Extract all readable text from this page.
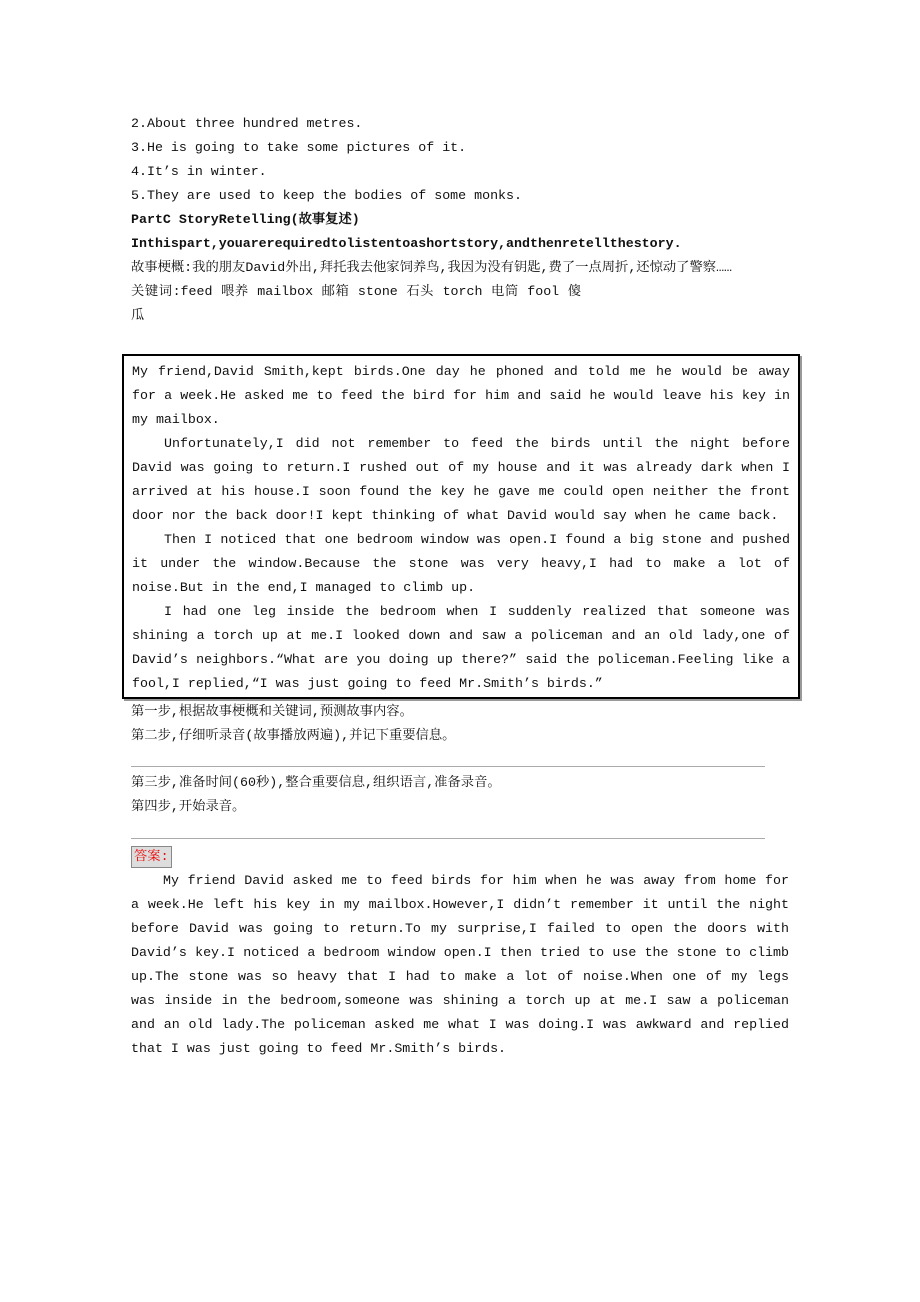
2.About three hundred metres.
3.He is going to take some pictures of it.
4.It’s in winter.
5.They are used to keep the bodies of some monks.
PartC StoryRetelling(故事复述)
Inthispart,youarerequiredtolistentoashortstory,andthenretellthestory.

故事梗概:我的朋友David外出,拜托我去他家饲养鸟,我因为没有钥匙,费了一点周折,还惊动了警察……

关键词:feed 喂养 mailbox 邮箱 stone 石头 torch 电筒 fool 傻瓜

My friend,David Smith,kept birds.One day he phoned and told me he would be away for a week.He asked me to feed the bird for him and said he would leave his key in my mailbox.

Unfortunately,I did not remember to feed the birds until the night before David was going to return.I rushed out of my house and it was already dark when I arrived at his house.I soon found the key he gave me could open neither the front door nor the back door!I kept thinking of what David would say when he came back.

Then I noticed that one bedroom window was open.I found a big stone and pushed it under the window.Because the stone was very heavy,I had to make a lot of noise.But in the end,I managed to climb up.

I had one leg inside the bedroom when I suddenly realized that someone was shining a torch up at me.I looked down and saw a policeman and an old lady,one of David’s neighbors.“What are you doing up there?” said the policeman.Feeling like a fool,I replied,“I was just going to feed Mr.Smith’s birds.”

第一步,根据故事梗概和关键词,预测故事内容。
第二步,仔细听录音(故事播放两遍),并记下重要信息。
第三步,准备时间(60秒),整合重要信息,组织语言,准备录音。
第四步,开始录音。
答案:

My friend David asked me to feed birds for him when he was away from home for a week.He left his key in my mailbox.However,I didn’t remember it until the night before David was going to return.To my surprise,I failed to open the doors with David’s key.I noticed a bedroom window open.I then tried to use the stone to climb up.The stone was so heavy that I had to make a lot of noise.When one of my legs was inside in the bedroom,someone was shining a torch up at me.I saw a policeman and an old lady.The policeman asked me what I was doing.I was awkward and replied that I was just going to feed Mr.Smith’s birds.
